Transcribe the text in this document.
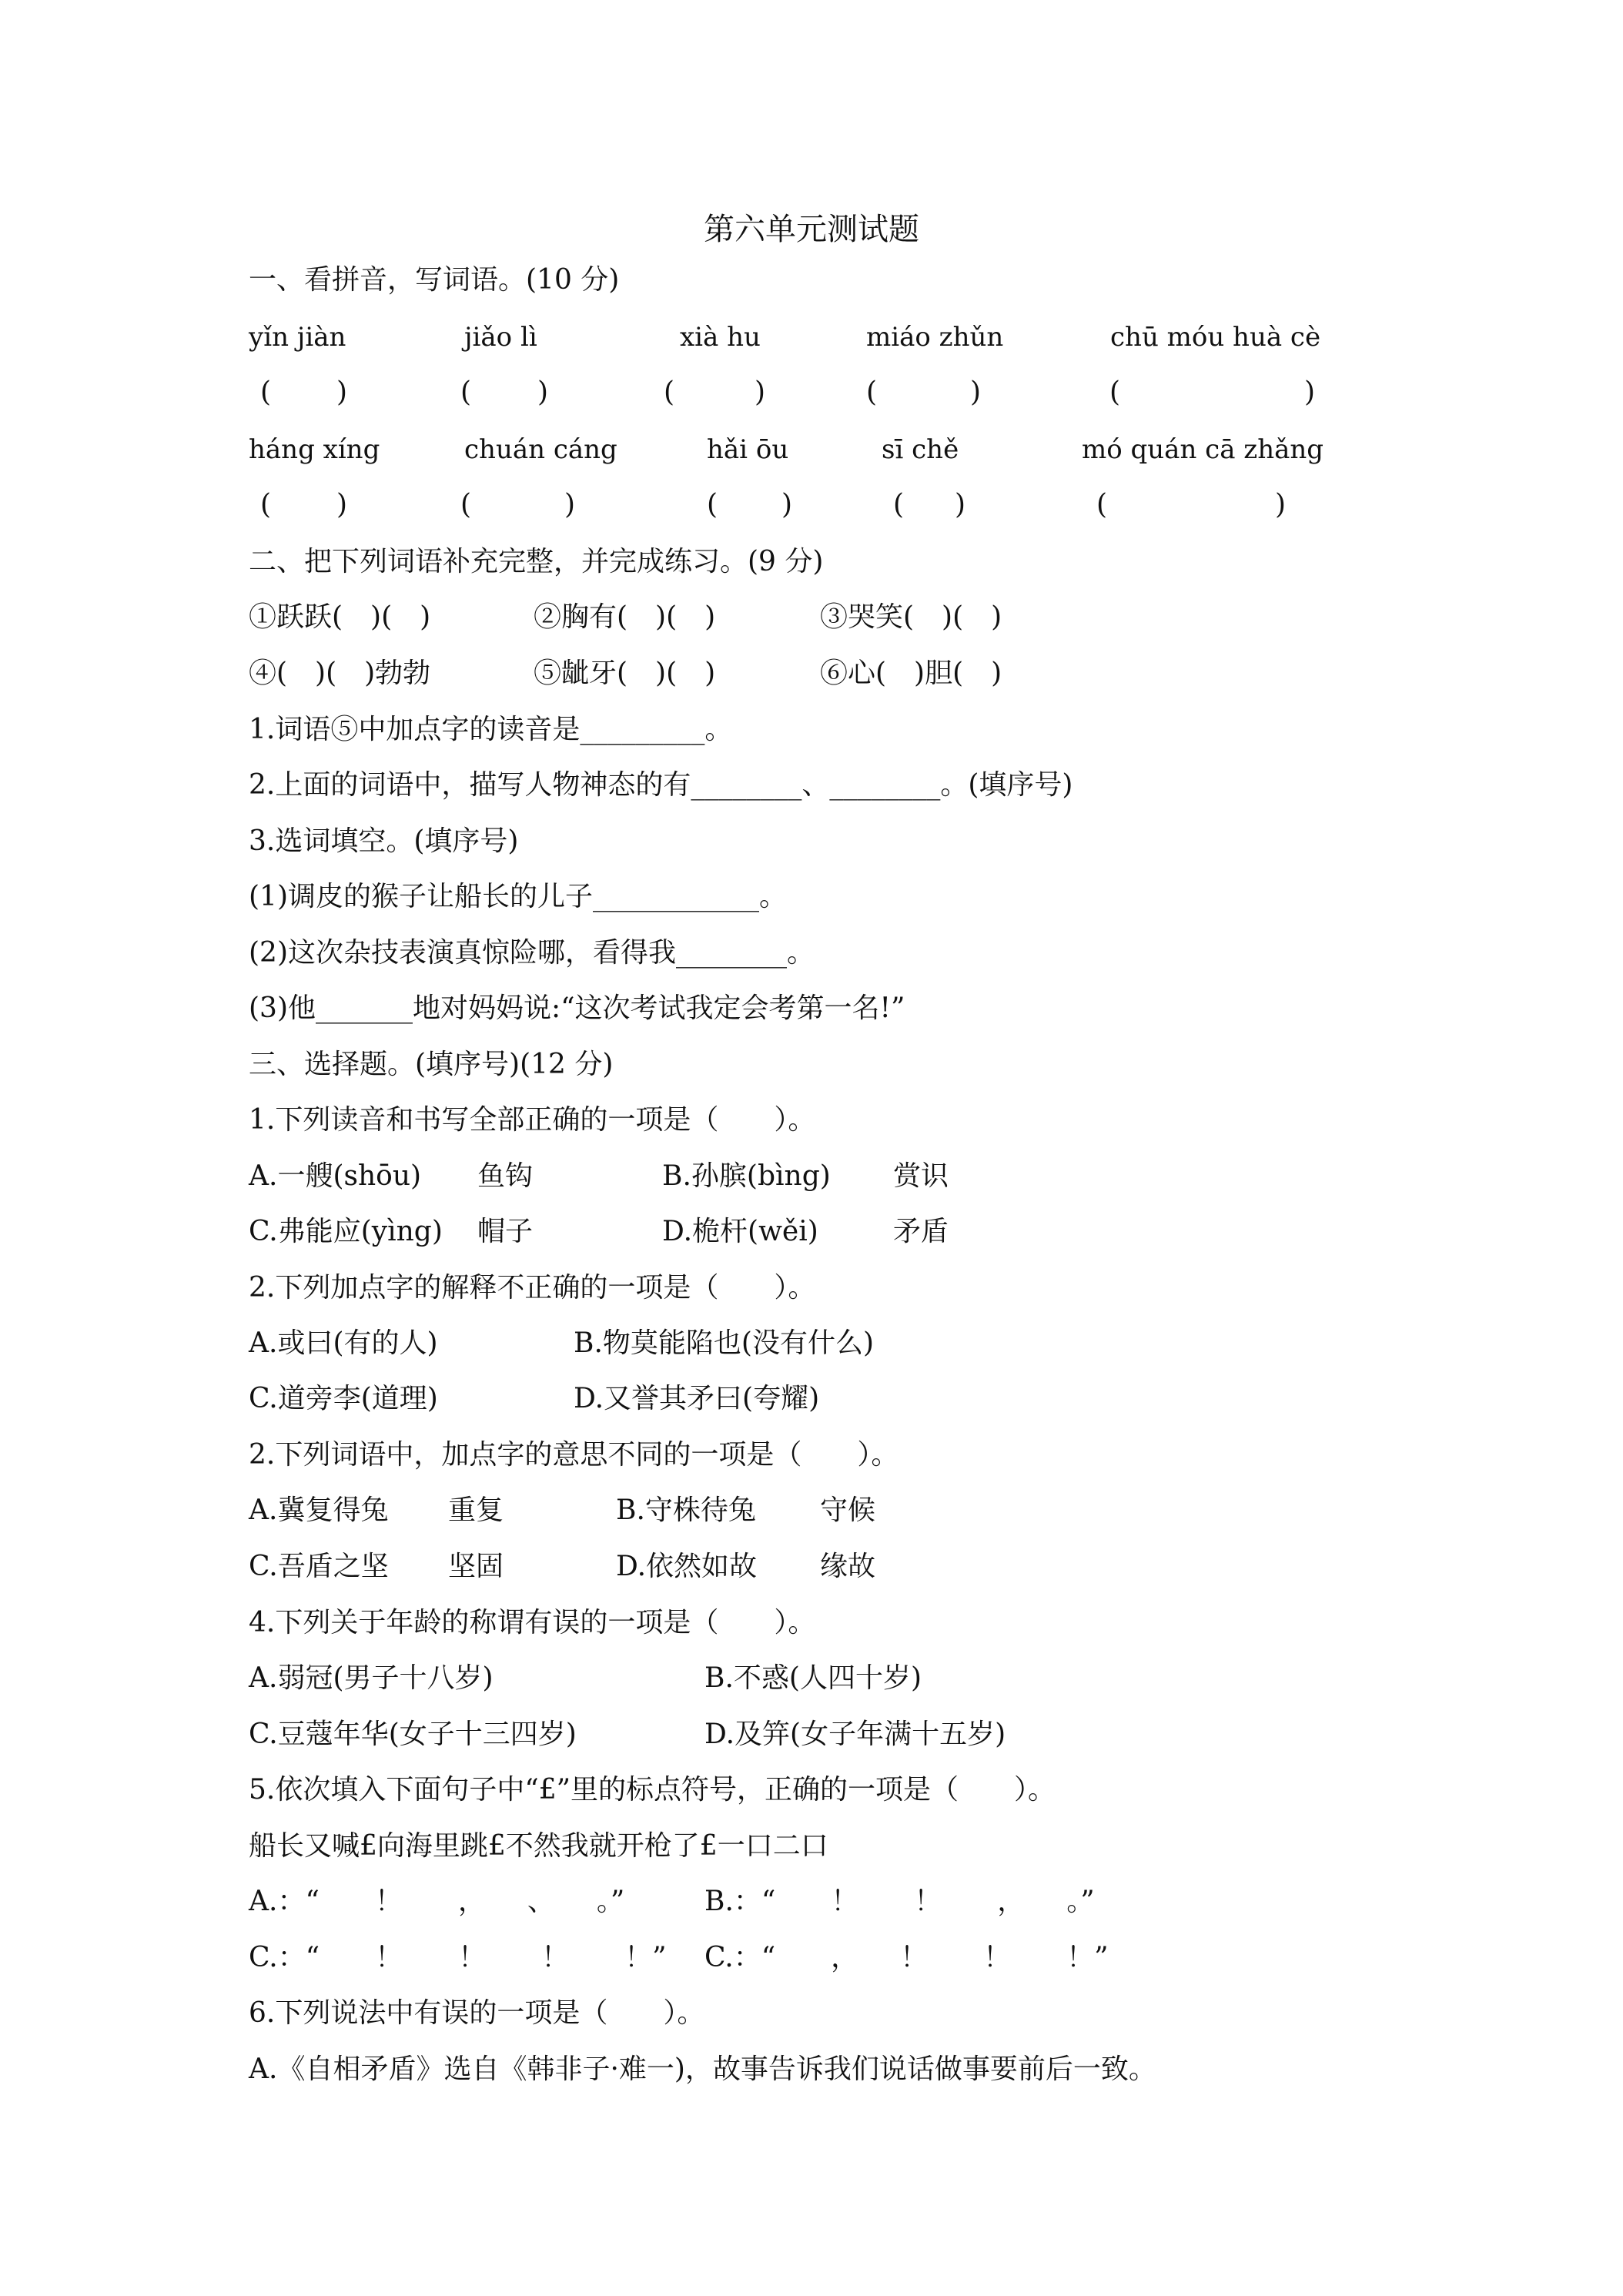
第六单元测试题
一、看拼音，写词语。(10 分)
yǐn jiàn	jiǎo lì	xià hu	miáo zhǔn	chū móu huà cè
( )	( )	(	)	(	)	(	)
háng xíng	chuán cáng	hǎi ōu	sī chě	mó quán cā zhǎng
( )	(	)	( )	( )	(	)
二、把下列词语补充完整，并完成练习。(9 分)
①跃跃(　)(　)	②胸有(　)(　)	③哭笑(　)(　)
④(　)(　)勃勃	⑤龇牙(　)(　)	⑥心(　)胆(　)
1.词语⑤中加点字的读音是_________。
2.上面的词语中，描写人物神态的有________、________。(填序号)
3.选词填空。(填序号)
(1)调皮的猴子让船长的儿子____________。
(2)这次杂技表演真惊险哪，看得我________。
(3)他_______地对妈妈说:“这次考试我定会考第一名!”
三、选择题。(填序号)(12 分)
1.下列读音和书写全部正确的一项是（　　）。
A.一艘(shōu) 鱼钩	B.孙膑(bìng) 赏识
C.弗能应(yìng) 帽子	D.桅杆(wěi)	矛盾
2.下列加点字的解释不正确的一项是（　　）。
A.或曰(有的人)	B.物莫能陷也(没有什么)
C.道旁李(道理)	D.又誉其矛曰(夸耀)
2.下列词语中，加点字的意思不同的一项是（　　）。
A.冀复得兔 重复	B.守株待兔 守候
C.吾盾之坚 坚固	D.依然如故 缘故
4.下列关于年龄的称谓有误的一项是（　　）。
A.弱冠(男子十八岁)	B.不惑(人四十岁)
C.豆蔻年华(女子十三四岁)	D.及笄(女子年满十五岁)
5.依次填入下面句子中“£”里的标点符号，正确的一项是（　　）。
船长又喊£向海里跳£不然我就开枪了£一口二口
A.：“　　！　　，　　、　　。”	B.：“　　！　　！　　，　　。”
C.：“　　！　　！　　！　　！” C.：“　　，　　！　　！　　！”
6.下列说法中有误的一项是（　　）。
A.《自相矛盾》选自《韩非子·难一)，故事告诉我们说话做事要前后一致。
